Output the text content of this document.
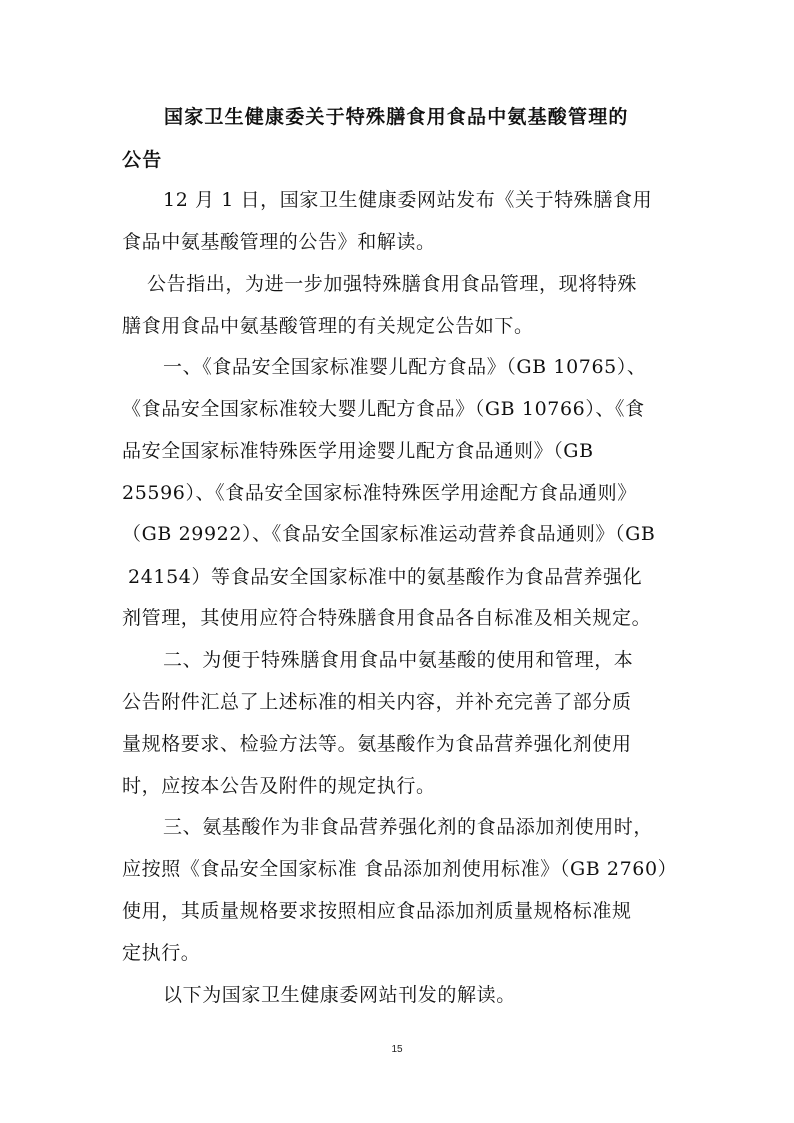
国家卫生健康委关于特殊膳食用食品中氨基酸管理的
公告
12 月 1 日，国家卫生健康委网站发布《关于特殊膳食用
食品中氨基酸管理的公告》和解读。
公告指出，为进一步加强特殊膳食用食品管理，现将特殊
膳食用食品中氨基酸管理的有关规定公告如下。
一、《食品安全国家标准婴儿配方食品》（GB 10765）、
《食品安全国家标准较大婴儿配方食品》（GB 10766）、《食
品安全国家标准特殊医学用途婴儿配方食品通则》（GB
25596）、《食品安全国家标准特殊医学用途配方食品通则》
（GB 29922）、《食品安全国家标准运动营养食品通则》（GB
24154）等食品安全国家标准中的氨基酸作为食品营养强化
剂管理，其使用应符合特殊膳食用食品各自标准及相关规定。
二、为便于特殊膳食用食品中氨基酸的使用和管理，本
公告附件汇总了上述标准的相关内容，并补充完善了部分质
量规格要求、检验方法等。氨基酸作为食品营养强化剂使用
时，应按本公告及附件的规定执行。
三、氨基酸作为非食品营养强化剂的食品添加剂使用时，
应按照《食品安全国家标准 食品添加剂使用标准》（GB 2760）
使用，其质量规格要求按照相应食品添加剂质量规格标准规
定执行。
以下为国家卫生健康委网站刊发的解读。
15
